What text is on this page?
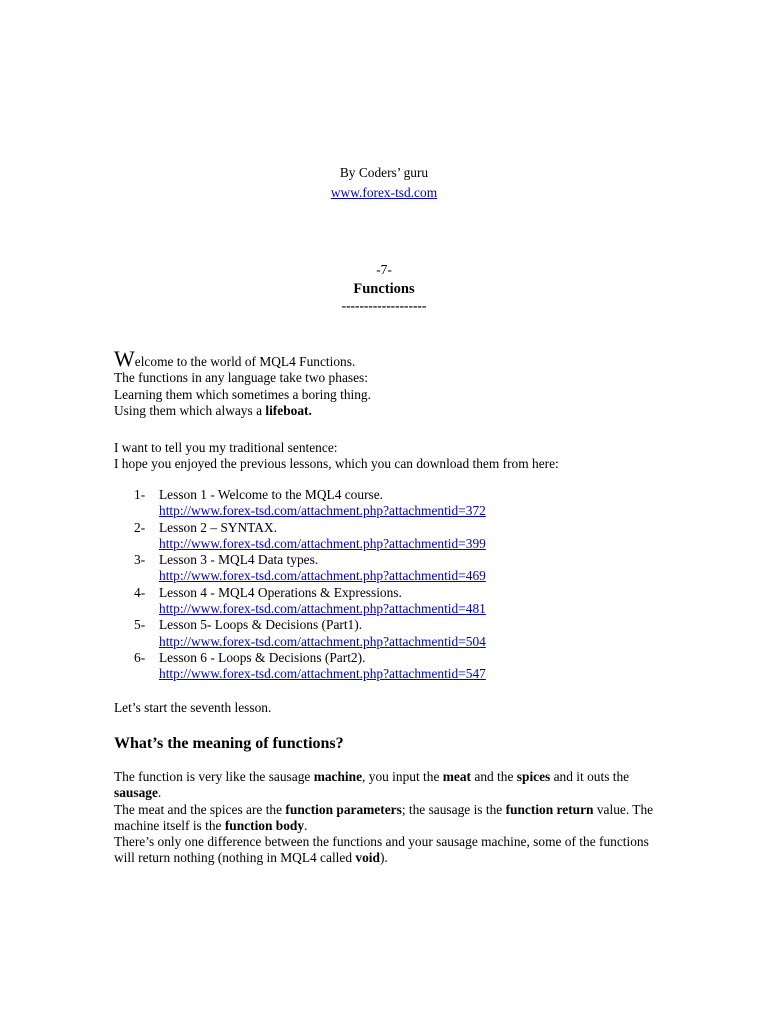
By Coders’ guru
www.forex-tsd.com
-7-
Functions
-------------------

Welcome to the world of MQL4 Functions.

The functions in any language take two phases:

Learning them which sometimes a boring thing.

Using them which always a lifeboat.

I want to tell you my traditional sentence:

I hope you enjoyed the previous lessons, which you can download them from here:

1- Lesson 1 - Welcome to the MQL4 course.
http://www.forex-tsd.com/attachment.php?attachmentid=372
2- Lesson 2 – SYNTAX.
http://www.forex-tsd.com/attachment.php?attachmentid=399
3- Lesson 3 - MQL4 Data types.
http://www.forex-tsd.com/attachment.php?attachmentid=469
4- Lesson 4 - MQL4 Operations & Expressions.
http://www.forex-tsd.com/attachment.php?attachmentid=481
5- Lesson 5- Loops & Decisions (Part1).
http://www.forex-tsd.com/attachment.php?attachmentid=504
6- Lesson 6 - Loops & Decisions (Part2).
http://www.forex-tsd.com/attachment.php?attachmentid=547
Let’s start the seventh lesson.
What’s the meaning of functions?

The function is very like the sausage machine, you input the meat and the spices and it outs the sausage.

The meat and the spices are the function parameters; the sausage is the function return value. The machine itself is the function body.

There’s only one difference between the functions and your sausage machine, some of the functions will return nothing (nothing in MQL4 called void).
